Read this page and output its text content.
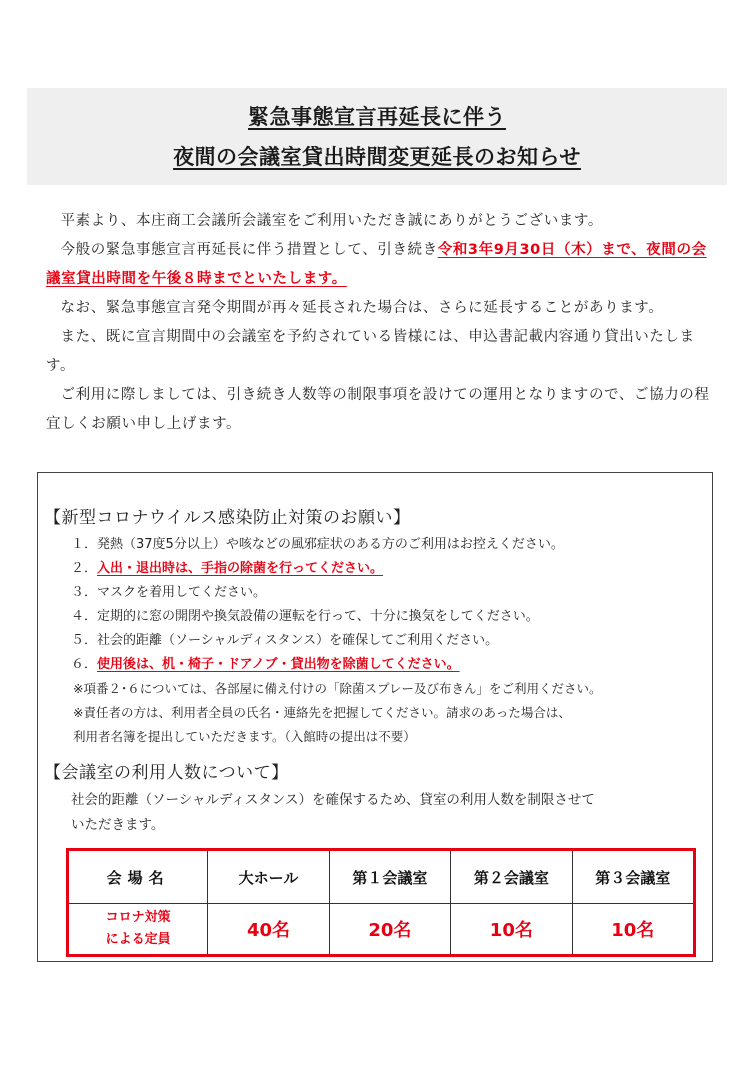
緊急事態宣言再延長に伴う
夜間の会議室貸出時間変更延長のお知らせ

平素より、本庄商工会議所会議室をご利用いただき誠にありがとうございます。

今般の緊急事態宣言再延長に伴う措置として、引き続き令和3年9月30日（木）まで、夜間の会議室貸出時間を午後８時までといたします。

なお、緊急事態宣言発令期間が再々延長された場合は、さらに延長することがあります。

また、既に宣言期間中の会議室を予約されている皆様には、申込書記載内容通り貸出いたします。

ご利用に際しましては、引き続き人数等の制限事項を設けての運用となりますので、ご協力の程宜しくお願い申し上げます。

【新型コロナウイルス感染防止対策のお願い】

１．発熱（37度5分以上）や咳などの風邪症状のある方のご利用はお控えください。

２．入出・退出時は、手指の除菌を行ってください。

３．マスクを着用してください。

４．定期的に窓の開閉や換気設備の運転を行って、十分に換気をしてください。

５．社会的距離（ソーシャルディスタンス）を確保してご利用ください。

６．使用後は、机・椅子・ドアノブ・貸出物を除菌してください。

※項番２･６については、各部屋に備え付けの「除菌スプレー及び布きん」をご利用ください。

※責任者の方は、利用者全員の氏名・連絡先を把握してください。請求のあった場合は、

利用者名簿を提出していただきます。（入館時の提出は不要）

【会議室の利用人数について】
社会的距離（ソーシャルディスタンス）を確保するため、貸室の利用人数を制限させて
いただきます。
会場名	大ホール	第１会議室	第２会議室	第３会議室

コロナ対策
による定員	40名	20名	10名	10名
